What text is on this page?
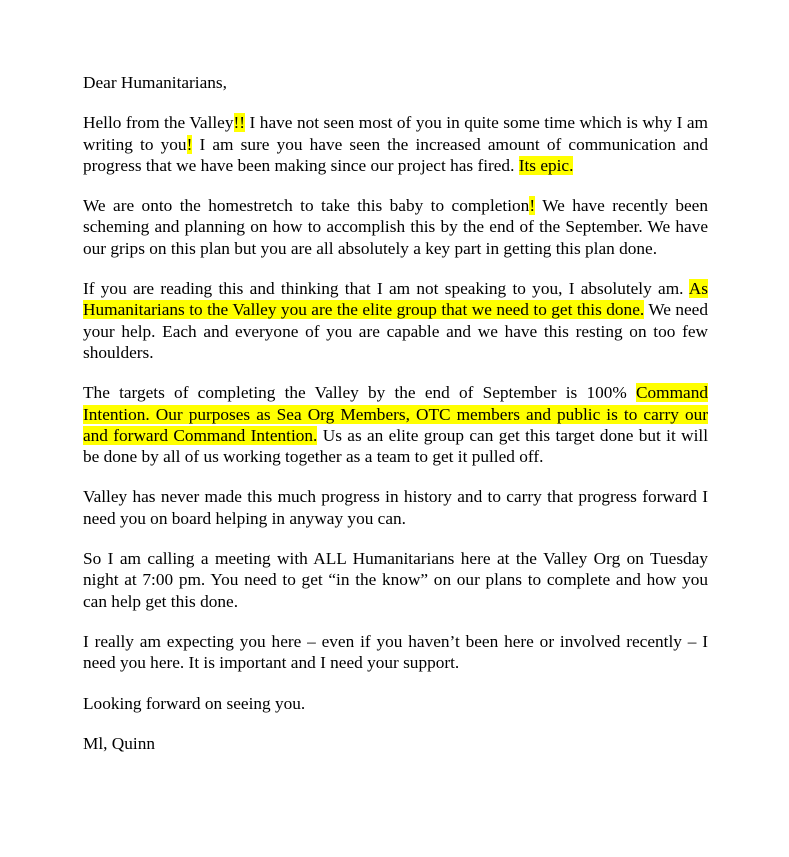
Dear Humanitarians,

Hello from the Valley!! I have not seen most of you in quite some time which is why I am writing to you! I am sure you have seen the increased amount of communication and progress that we have been making since our project has fired. Its epic.

We are onto the homestretch to take this baby to completion! We have recently been scheming and planning on how to accomplish this by the end of the September. We have our grips on this plan but you are all absolutely a key part in getting this plan done.

If you are reading this and thinking that I am not speaking to you, I absolutely am. As Humanitarians to the Valley you are the elite group that we need to get this done. We need your help. Each and everyone of you are capable and we have this resting on too few shoulders.

The targets of completing the Valley by the end of September is 100% Command Intention. Our purposes as Sea Org Members, OTC members and public is to carry our and forward Command Intention. Us as an elite group can get this target done but it will be done by all of us working together as a team to get it pulled off.

Valley has never made this much progress in history and to carry that progress forward I need you on board helping in anyway you can.

So I am calling a meeting with ALL Humanitarians here at the Valley Org on Tuesday night at 7:00 pm. You need to get “in the know” on our plans to complete and how you can help get this done.

I really am expecting you here – even if you haven’t been here or involved recently – I need you here. It is important and I need your support.

Looking forward on seeing you.

Ml, Quinn
